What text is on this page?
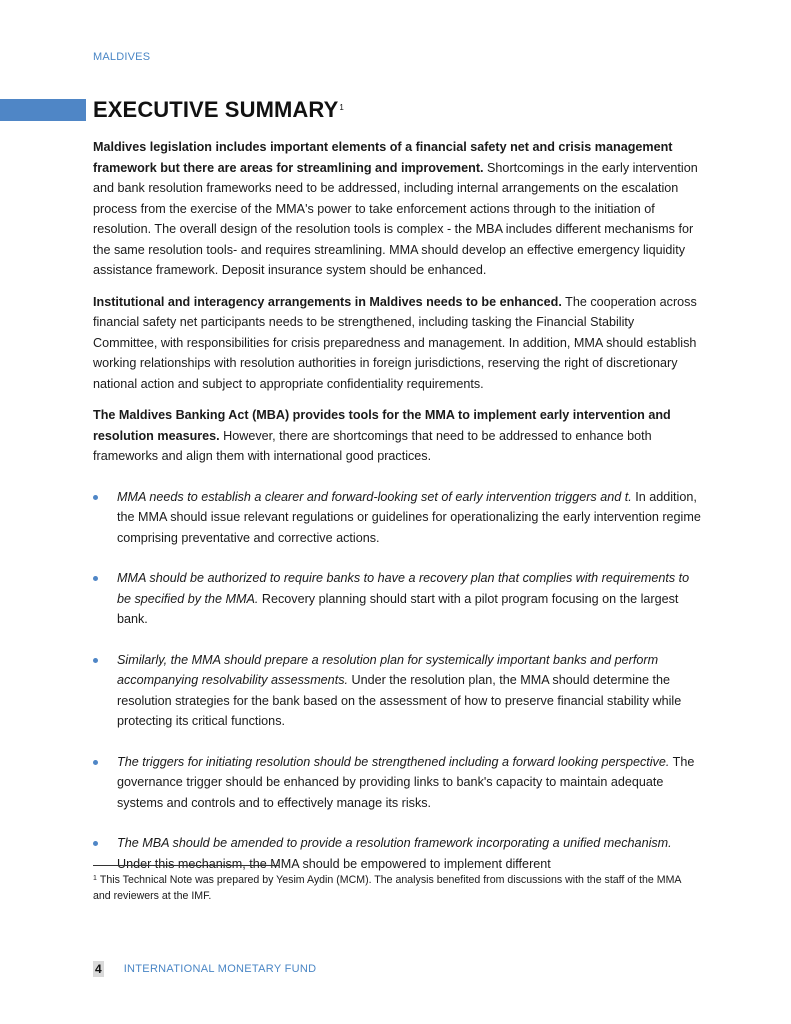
MALDIVES
EXECUTIVE SUMMARY$^1$

Maldives legislation includes important elements of a financial safety net and crisis management framework but there are areas for streamlining and improvement. Shortcomings in the early intervention and bank resolution frameworks need to be addressed, including internal arrangements on the escalation process from the exercise of the MMA's power to take enforcement actions through to the initiation of resolution. The overall design of the resolution tools is complex - the MBA includes different mechanisms for the same resolution tools- and requires streamlining. MMA should develop an effective emergency liquidity assistance framework. Deposit insurance system should be enhanced.

Institutional and interagency arrangements in Maldives needs to be enhanced. The cooperation across financial safety net participants needs to be strengthened, including tasking the Financial Stability Committee, with responsibilities for crisis preparedness and management. In addition, MMA should establish working relationships with resolution authorities in foreign jurisdictions, reserving the right of discretionary national action and subject to appropriate confidentiality requirements.

The Maldives Banking Act (MBA) provides tools for the MMA to implement early intervention and resolution measures. However, there are shortcomings that need to be addressed to enhance both frameworks and align them with international good practices.

MMA needs to establish a clearer and forward-looking set of early intervention triggers and t. In addition, the MMA should issue relevant regulations or guidelines for operationalizing the early intervention regime comprising preventative and corrective actions.
MMA should be authorized to require banks to have a recovery plan that complies with requirements to be specified by the MMA. Recovery planning should start with a pilot program focusing on the largest bank.
Similarly, the MMA should prepare a resolution plan for systemically important banks and perform accompanying resolvability assessments. Under the resolution plan, the MMA should determine the resolution strategies for the bank based on the assessment of how to preserve financial stability while protecting its critical functions.
The triggers for initiating resolution should be strengthened including a forward looking perspective. The governance trigger should be enhanced by providing links to bank's capacity to maintain adequate systems and controls and to effectively manage its risks.
The MBA should be amended to provide a resolution framework incorporating a unified mechanism. Under this mechanism, the MMA should be empowered to implement different
$^1$ This Technical Note was prepared by Yesim Aydin (MCM). The analysis benefited from discussions with the staff of the MMA and reviewers at the IMF.
4 INTERNATIONAL MONETARY FUND
